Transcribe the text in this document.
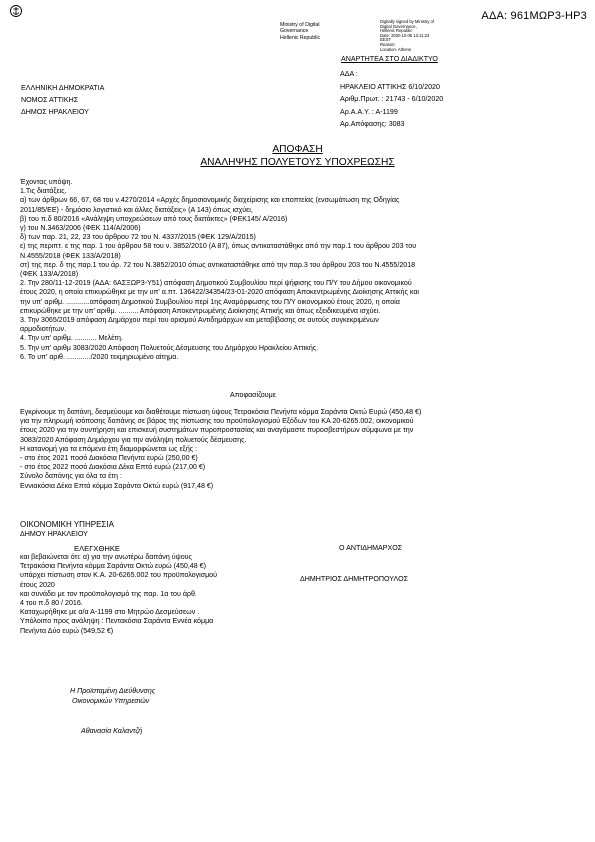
ΑΔΑ: 961ΜΩΡ3-ΗΡ3
Ministry of Digital
Governance
Hellenic Republic
Digitally signed by Ministry of
Digital Governance,
Hellenic Republic
Date: 2020.10.06 13:11:23
EEST
Reason:
Location: Athens
ΑΝΑΡΤΗΤΕΑ ΣΤΟ ΔΙΑΔΙΚΤΥΟ
ΕΛΛΗΝΙΚΗ ΔΗΜΟΚΡΑΤΙΑ
ΝΟΜΟΣ ΑΤΤΙΚΗΣ
ΔΗΜΟΣ ΗΡΑΚΛΕΙΟΥ
ΑΔΑ :
ΗΡΑΚΛΕΙΟ ΑΤΤΙΚΗΣ 6/10/2020
Αριθμ.Πρωτ. : 21743 - 6/10/2020
Αρ.Α.Α.Υ. : Α-1199
Αρ.Απόφασης: 3083
ΑΠΟΦΑΣΗ
ΑΝΑΛΗΨΗΣ ΠΟΛΥΕΤΟΥΣ ΥΠΟΧΡΕΩΣΗΣ
Έχοντας υπόψη.
1.Τις διατάξεις.
α) των άρθρων 66, 67, 68 του ν.4270/2014 «Αρχές δημοσιονομικής διαχείρισης και εποπτείας (ενσωμάτωση της Οδηγίας
2011/85/ΕΕ) - δημόσιο λογιστικό και άλλες διατάξεις» (Α 143) όπως ισχύει,
β) του π.δ 80/2016 «Ανάληψη υποχρεώσεων από τους διατάκτες» (ΦΕΚ145/ Α/2016)
γ) του Ν.3463/2006 (ΦΕΚ 114/Α/2006)
δ) των παρ. 21, 22, 23 του άρθρου 72 του Ν. 4337/2015 (ΦΕΚ 129/Α/2015)
ε) της περιπτ. ε της παρ. 1 του άρθρου 58 του ν. 3852/2010 (Α 87), όπως αντικαταστάθηκε από την παρ.1 του άρθρου 203 του
Ν.4555/2018 (ΦΕΚ 133/Α/2018)
στ) της περ. δ της παρ.1 του άρ. 72 του Ν.3852/2010 όπως αντικαταστάθηκε από την παρ.3 του άρθρου 203 του Ν.4555/2018
(ΦΕΚ 133/Α/2018)
2. Την 280/11-12-2019 (ΑΔΑ: 6ΑΣΞΩΡ3-Υ51) απόφαση Δημοτικού Συμβουλίου περί ψήφισης του Π/Υ του Δήμου οικονομικού
έτους 2020, η οποία επικυρώθηκε με την υπ' α.πτ. 136422/34354/23-01-2020 απόφαση Αποκεντρωμένης Διοίκησης Αττικής και
την υπ' αριθμ. ............απόφαση Δημοτικού Συμβουλίου περί 1ης Αναμόρφωσης του Π/Υ οικονομικού έτους 2020, η οποία
επικυρώθηκε με την υπ' αριθμ. .......... Απόφαση Αποκεντρωμένης Διοίκησης Αττικής και όπως εξειδικευμένα ισχύει.
3. Την 3065/2019 απόφαση Δημάρχου περί του ορισμού Αντιδημάρχων και μεταβίβασης σε αυτούς συγκεκριμένων
αρμοδιοτήτων.
4. Την υπ' αριθμ. ........... Μελέτη.
5. Την υπ' αριθμ 3083/2020 Απόφαση Πολυετούς Δέσμευσης του Δημάρχου Ηρακλείου Αττικής.
6. Το υπ' αριθ. ............/2020 τεκμηριωμένο αίτημα.
Αποφασίζουμε
Εγκρίνουμε τη δαπάνη, δεσμεύουμε και διαθέτουμε πίστωση ύψους Τετρακόσια Πενήντα κόμμα Σαράντα Οκτώ Ευρώ (450,48 €)
για την πληρωμή ισόποσης δαπάνης σε βάρος της πίστωσης του προϋπολογισμού Εξόδων του ΚΑ 20-6265.002, οικονομικού
έτους 2020 για την συντήρηση και επισκευή συστημάτων πυροπροστασίας και αναγόμαστε πυροσβεστήρων σύμφωνα με την
3083/2020 Απόφαση Δημάρχου για την ανάληψη πολυετούς δέσμευσης.
Η κατανομή για τα επόμενα έτη διαμορφώνεται ως εξής :
- στο έτος 2021 ποσό Διακόσια Πενήντα ευρώ (250,00 €)
- στο έτος 2022 ποσό Διακόσια Δέκα Επτά ευρώ (217,00 €)
Σύνολο δαπάνης για όλα τα έτη :
Εννιακόσια Δέκα Επτά κόμμα Σαράντα Οκτώ ευρώ (917,48 €)
ΟΙΚΟΝΟΜΙΚΗ ΥΠΗΡΕΣΙΑ
ΔΗΜΟΥ ΗΡΑΚΛΕΙΟΥ
ΕΛΕΓΧΘΗΚΕ
και βεβαιώνεται ότι: α) για την ανωτέρω δαπάνη ύψους
Τετρακόσια Πενήντα κόμμα Σαράντα Οκτώ ευρώ (450,48 €)
υπάρχει πίστωση στον Κ.Α. 20-6265.002 του προϋπολογισμού
έτους 2020
και συνάδει με τον προϋπολογισμό της παρ. 1α του άρθ.
4 του π.δ 80 / 2016.
Καταχωρήθηκε με α/α Α-1199 στο Μητρώο Δεσμεύσεων .
Υπόλοιπο προς ανάληψη : Πεντακόσια Σαράντα Εννέα κόμμα
Πενήντα Δύο ευρώ (549,52 €)
Ο ΑΝΤΙΔΗΜΑΡΧΟΣ
ΔΗΜΗΤΡΙΟΣ ΔΗΜΗΤΡΟΠΟΥΛΟΣ
Η Προϊσταμένη Διεύθυνσης
Οικονομικών Υπηρεσιών
Αθανασία Καλαντζή
